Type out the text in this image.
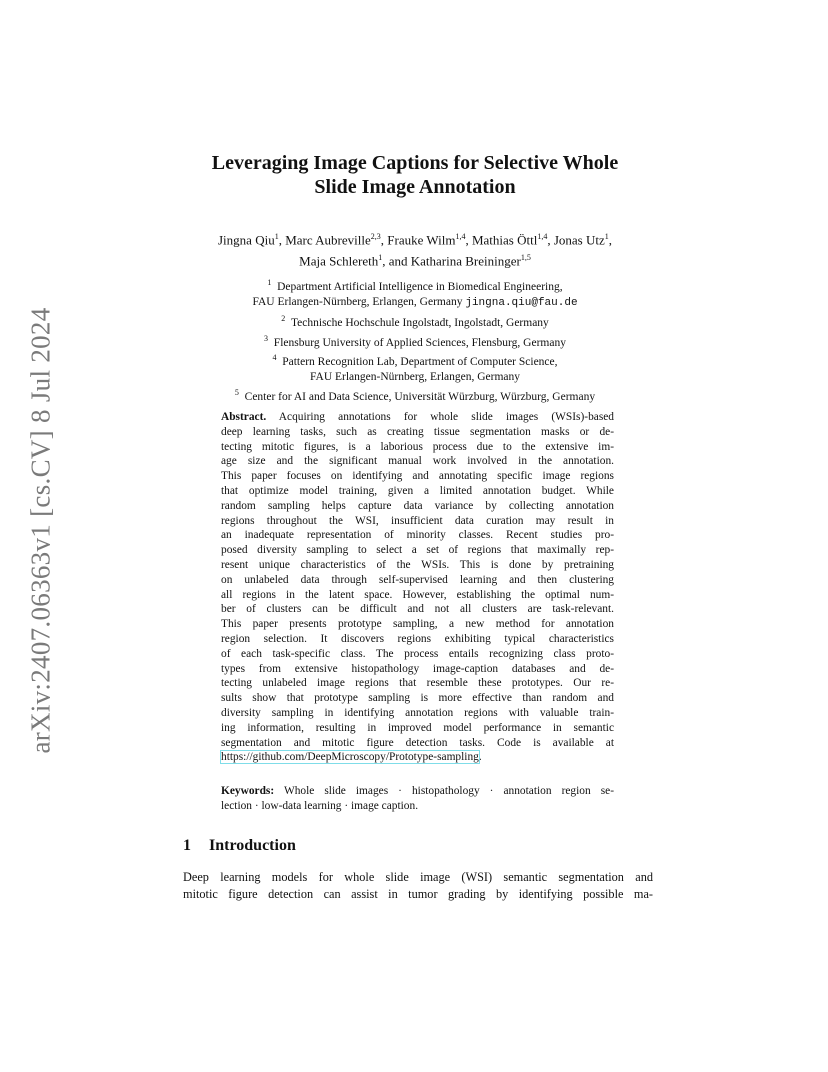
arXiv:2407.06363v1 [cs.CV] 8 Jul 2024
Leveraging Image Captions for Selective Whole
Slide Image Annotation
Jingna Qiu$^1$, Marc Aubreville$^{2,3}$, Frauke Wilm$^{1,4}$, Mathias Öttl$^{1,4}$, Jonas Utz$^1$,
Maja Schlereth$^1$, and Katharina Breininger$^{1,5}$
$^1$ Department Artificial Intelligence in Biomedical Engineering,
FAU Erlangen-Nürnberg, Erlangen, Germany jingna.qiu@fau.de
$^2$ Technische Hochschule Ingolstadt, Ingolstadt, Germany
$^3$ Flensburg University of Applied Sciences, Flensburg, Germany
$^4$ Pattern Recognition Lab, Department of Computer Science,
FAU Erlangen-Nürnberg, Erlangen, Germany
$^5$ Center for AI and Data Science, Universität Würzburg, Würzburg, Germany
Abstract. Acquiring annotations for whole slide images (WSIs)-based
deep learning tasks, such as creating tissue segmentation masks or de-
tecting mitotic figures, is a laborious process due to the extensive im-
age size and the significant manual work involved in the annotation.
This paper focuses on identifying and annotating specific image regions
that optimize model training, given a limited annotation budget. While
random sampling helps capture data variance by collecting annotation
regions throughout the WSI, insufficient data curation may result in
an inadequate representation of minority classes. Recent studies pro-
posed diversity sampling to select a set of regions that maximally rep-
resent unique characteristics of the WSIs. This is done by pretraining
on unlabeled data through self-supervised learning and then clustering
all regions in the latent space. However, establishing the optimal num-
ber of clusters can be difficult and not all clusters are task-relevant.
This paper presents prototype sampling, a new method for annotation
region selection. It discovers regions exhibiting typical characteristics
of each task-specific class. The process entails recognizing class proto-
types from extensive histopathology image-caption databases and de-
tecting unlabeled image regions that resemble these prototypes. Our re-
sults show that prototype sampling is more effective than random and
diversity sampling in identifying annotation regions with valuable train-
ing information, resulting in improved model performance in semantic
segmentation and mitotic figure detection tasks. Code is available at
https://github.com/DeepMicroscopy/Prototype-sampling.
Keywords: Whole slide images · histopathology · annotation region se-
lection · low-data learning · image caption.
1 Introduction
Deep learning models for whole slide image (WSI) semantic segmentation and
mitotic figure detection can assist in tumor grading by identifying possible ma-
